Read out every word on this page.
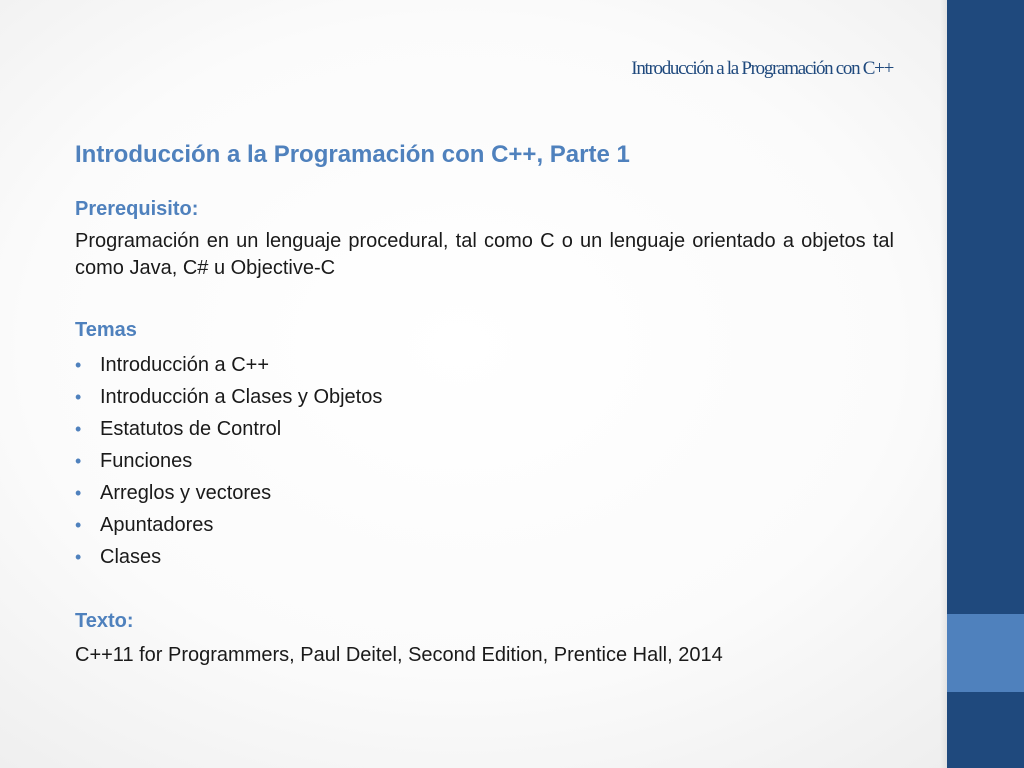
Introducción a la Programación con C++
Introducción a la Programación con C++, Parte 1
Prerequisito:

Programación en un lenguaje procedural, tal como C o un lenguaje orientado a objetos tal como Java, C# u Objective-C

Temas
• Introducción a C++
• Introducción a Clases y Objetos
• Estatutos de Control
• Funciones
• Arreglos y vectores
• Apuntadores
• Clases
Texto:

C++11 for Programmers, Paul Deitel, Second Edition, Prentice Hall, 2014
